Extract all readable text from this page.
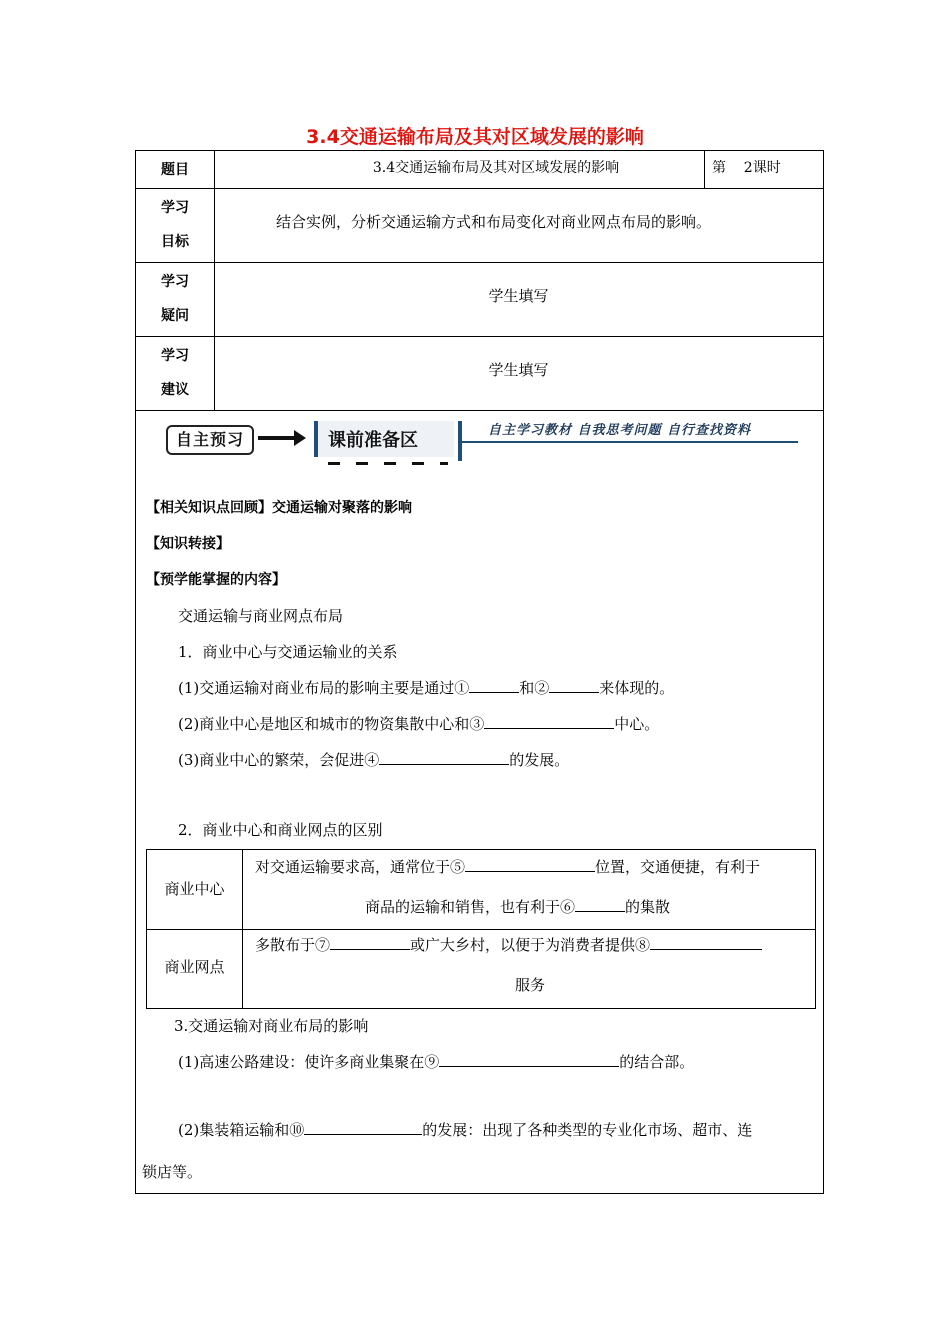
3.4交通运输布局及其对区域发展的影响
题目	3.4交通运输布局及其对区域发展的影响	第    2课时
学习
目标
结合实例，分析交通运输方式和布局变化对商业网点布局的影响。
学习
疑问
学生填写
学习
建议
学生填写
自主预习	课前准备区	自主学习教材 自我思考问题 自行查找资料
【相关知识点回顾】交通运输对聚落的影响
【知识转接】
【预学能掌握的内容】
交通运输与商业网点布局
1．商业中心与交通运输业的关系
(1)交通运输对商业布局的影响主要是通过①	和②	来体现的。
(2)商业中心是地区和城市的物资集散中心和③	中心。
(3)商业中心的繁荣，会促进④	的发展。
2．商业中心和商业网点的区别
商业中心
对交通运输要求高，通常位于⑤	位置，交通便捷，有利于
商品的运输和销售，也有利于⑥	的集散
商业网点
多散布于⑦	或广大乡村，以便于为消费者提供⑧
服务
3.交通运输对商业布局的影响
(1)高速公路建设：使许多商业集聚在⑨	的结合部。
(2)集装箱运输和⑩	的发展：出现了各种类型的专业化市场、超市、连
锁店等。
